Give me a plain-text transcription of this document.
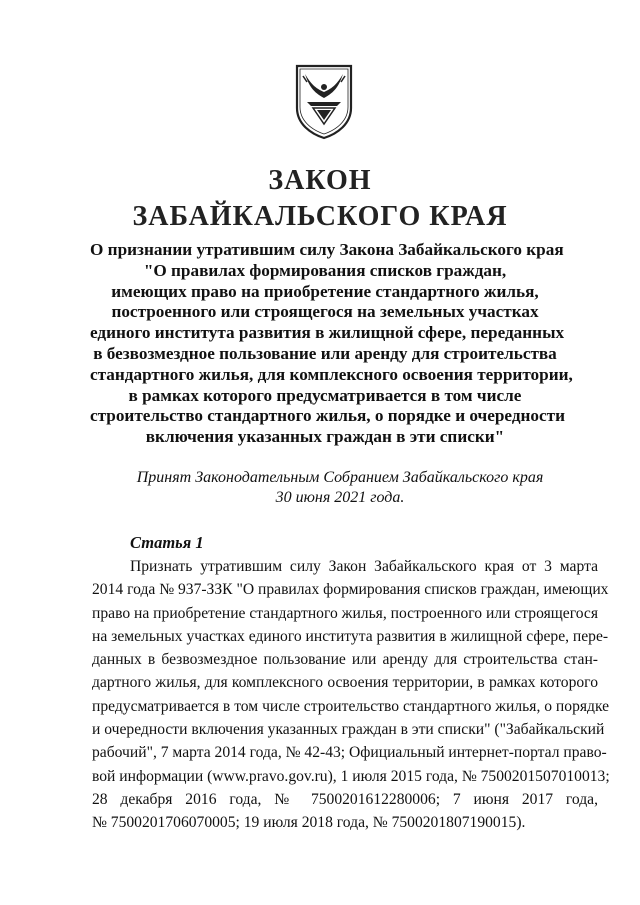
ЗАКОН
ЗАБАЙКАЛЬСКОГО КРАЯ
О признании утратившим силу Закона Забайкальского края
"О правилах формирования списков граждан,
имеющих право на приобретение стандартного жилья,
построенного или строящегося на земельных участках
единого института развития в жилищной сфере, переданных
в безвозмездное пользование или аренду для строительства
стандартного жилья, для комплексного освоения территории,
в рамках которого предусматривается в том числе
строительство стандартного жилья, о порядке и очередности
включения указанных граждан в эти списки"
Принят Законодательным Собранием Забайкальского края
30 июня 2021 года.
Статья 1
Признать утратившим силу Закон Забайкальского края от 3 марта
2014 года № 937-ЗЗК "О правилах формирования списков граждан, имеющих
право на приобретение стандартного жилья, построенного или строящегося
на земельных участках единого института развития в жилищной сфере, пере-
данных в безвозмездное пользование или аренду для строительства стан-
дартного жилья, для комплексного освоения территории, в рамках которого
предусматривается в том числе строительство стандартного жилья, о порядке
и очередности включения указанных граждан в эти списки" ("Забайкальский
рабочий", 7 марта 2014 года, № 42-43; Официальный интернет-портал право-
вой информации (www.pravo.gov.ru), 1 июля 2015 года, № 7500201507010013;
28 декабря 2016 года, № 7500201612280006; 7 июня 2017 года,
№ 7500201706070005; 19 июля 2018 года, № 7500201807190015).
